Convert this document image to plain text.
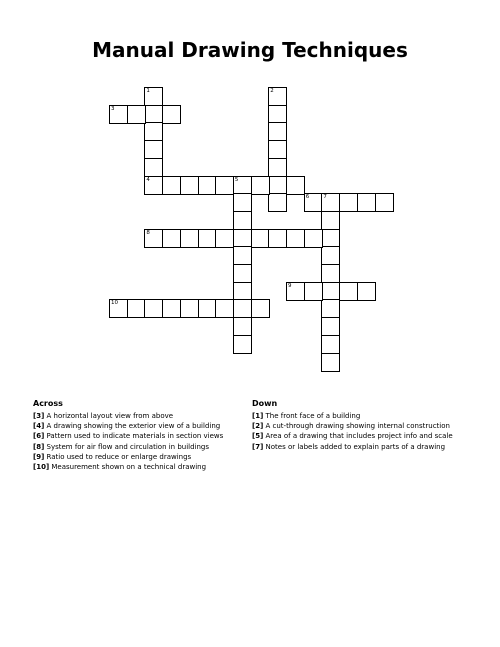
Manual Drawing Techniques
1
4
2
3
5
6	7
8
9
10
Across
[3] A horizontal layout view from above
[4] A drawing showing the exterior view of a building
[6] Pattern used to indicate materials in section views
[8] System for air flow and circulation in buildings
[9] Ratio used to reduce or enlarge drawings
[10] Measurement shown on a technical drawing
Down
[1] The front face of a building
[2] A cut-through drawing showing internal construction
[5] Area of a drawing that includes project info and scale
[7] Notes or labels added to explain parts of a drawing
